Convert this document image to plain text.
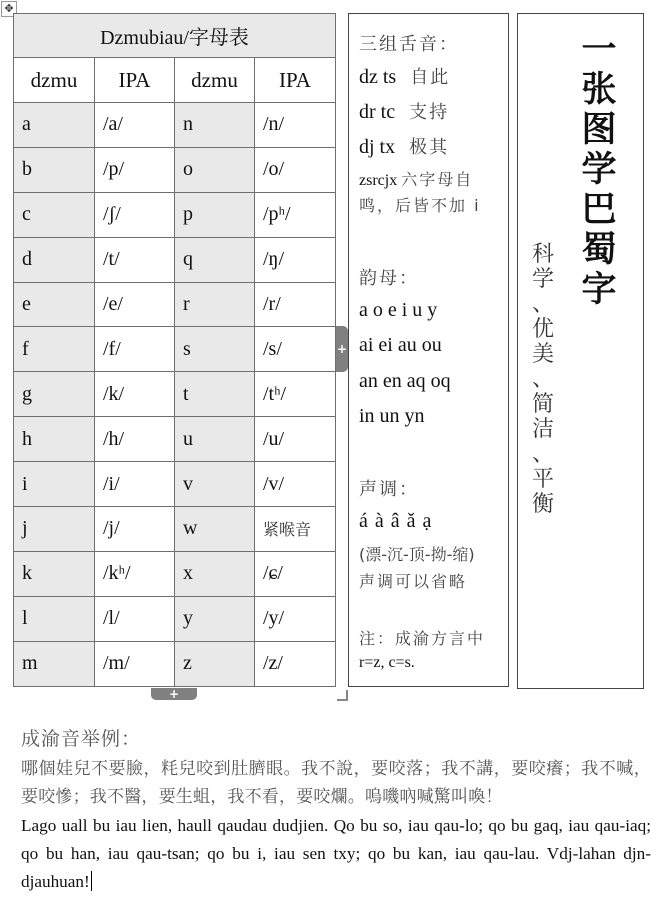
✥
Dzmubiau/字母表			
dzmu	IPA	dzmu	IPA
a	/a/	n	/n/
b	/p/	o	/o/
c	/ʃ/	p	/pʰ/
d	/t/	q	/ŋ/
e	/e/	r	/r/
f	/f/	s	/s/
g	/k/	t	/tʰ/
h	/h/	u	/u/
i	/i/	v	/v/
j	/j/	w	紧喉音
k	/kʰ/	x	/ɕ/
l	/l/	y	/y/
m	/m/	z	/z/
+
+
三组舌音：
dz ts 自此
dr tc 支持
dj tx 极其
zsrcjx 六字母自鸣，后皆不加 i
韵母：
a o e i u y
ai ei au ou
an en aq oq
in un yn
声调：
á à â ǎ ạ
(漂-沉-顶-拗-缩)
声调可以省略
注：成渝方言中
r=z, c=s.
一
张
图
学
巴
蜀
字
科
学
、
优
美
、
简
洁
、
平
衡
成渝音举例：
哪個娃兒不要臉，粍兒咬到肚臍眼。我不說，要咬落；我不講，要咬癢；我不喊，要咬慘；我不醫，要生蛆，我不看，要咬爛。嗚嘰吶喊驚叫喚！
Lago uall bu iau lien, haull qaudau dudjien. Qo bu so, iau qau-lo; qo bu gaq, iau qau-iaq; qo bu han, iau qau-tsan; qo bu i, iau sen txy; qo bu kan, iau qau-lau. Vdj-lahan djn-djauhuan!
